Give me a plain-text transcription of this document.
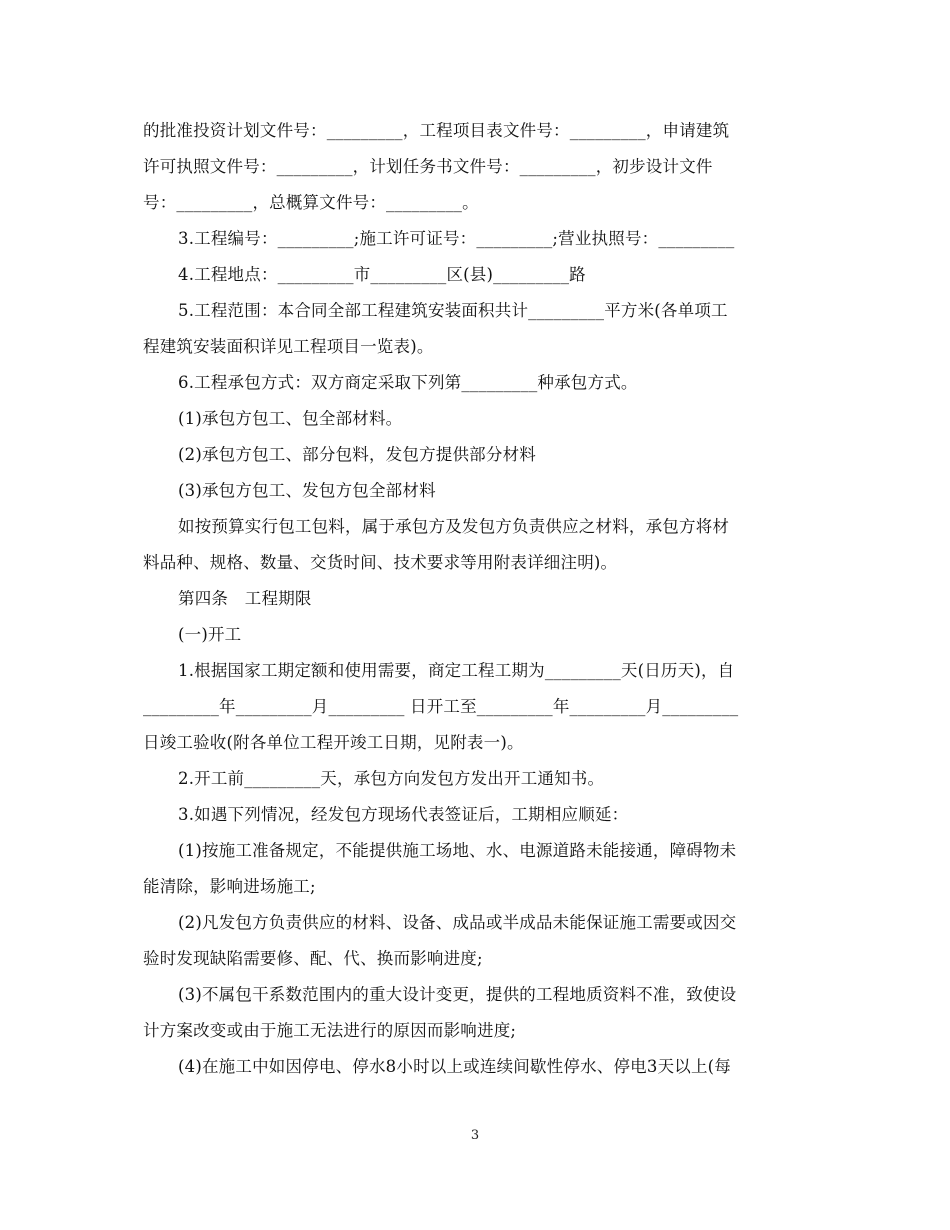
的批准投资计划文件号：_________，工程项目表文件号：_________，申请建筑
许可执照文件号：_________，计划任务书文件号：_________，初步设计文件
号：_________，总概算文件号：_________。
3.工程编号：_________;施工许可证号：_________;营业执照号：_________
4.工程地点：_________市_________区(县)_________路
5.工程范围：本合同全部工程建筑安装面积共计_________平方米(各单项工
程建筑安装面积详见工程项目一览表)。
6.工程承包方式：双方商定采取下列第_________种承包方式。
(1)承包方包工、包全部材料。
(2)承包方包工、部分包料，发包方提供部分材料
(3)承包方包工、发包方包全部材料
如按预算实行包工包料，属于承包方及发包方负责供应之材料，承包方将材
料品种、规格、数量、交货时间、技术要求等用附表详细注明)。
第四条　工程期限
(一)开工
1.根据国家工期定额和使用需要，商定工程工期为_________天(日历天)，自
_________年_________月_________ 日开工至_________年_________月_________
日竣工验收(附各单位工程开竣工日期，见附表一)。
2.开工前_________天，承包方向发包方发出开工通知书。
3.如遇下列情况，经发包方现场代表签证后，工期相应顺延：
(1)按施工准备规定，不能提供施工场地、水、电源道路未能接通，障碍物未
能清除，影响进场施工;
(2)凡发包方负责供应的材料、设备、成品或半成品未能保证施工需要或因交
验时发现缺陷需要修、配、代、换而影响进度;
(3)不属包干系数范围内的重大设计变更，提供的工程地质资料不准，致使设
计方案改变或由于施工无法进行的原因而影响进度;
(4)在施工中如因停电、停水8小时以上或连续间歇性停水、停电3天以上(每
3
